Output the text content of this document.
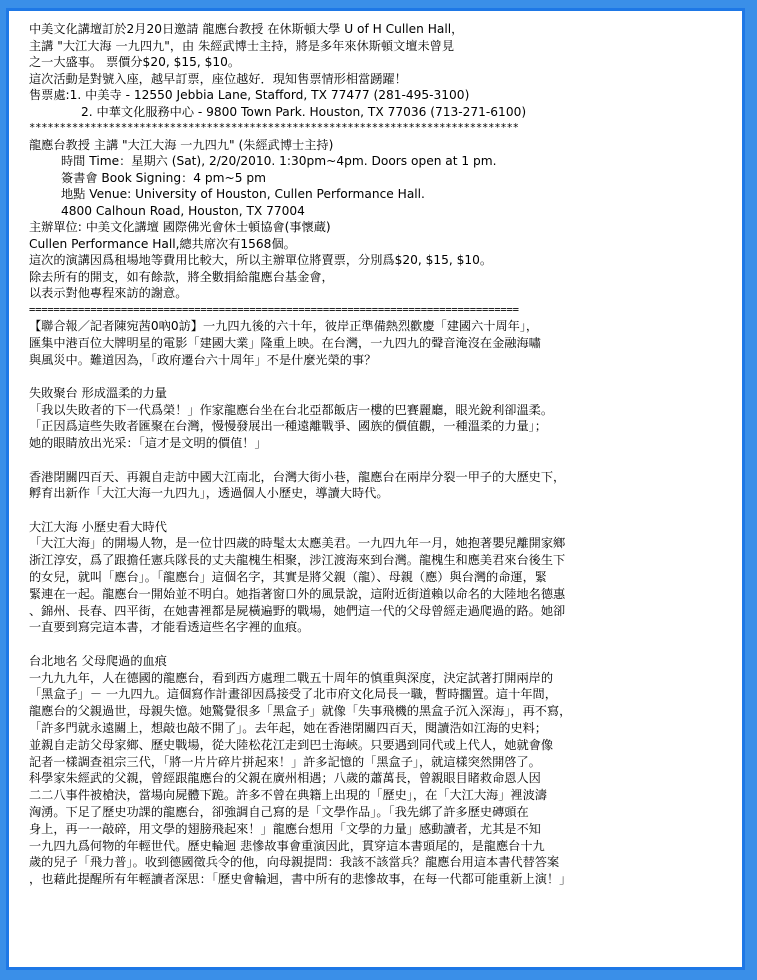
中美文化講壇訂於2月20日邀請 龍應台教授 在休斯頓大學 U of H Cullen Hall，
主講 "大江大海 一九四九"，由 朱經武博士主持，將是多年來休斯頓文壇未曾見
之一大盛事。 票價分$20, $15, $10。
這次活動是對號入座，越早訂票，座位越好．現知售票情形相當踴躍！
售票處:1. 中美寺 - 12550 Jebbia Lane, Stafford, TX 77477 (281-495-3100)
2. 中華文化服務中心 - 9800 Town Park. Houston, TX 77036 (713-271-6100)
********************************************************************************
龍應台教授 主講 "大江大海 一九四九" (朱經武博士主持)
時間 Time：星期六 (Sat), 2/20/2010. 1:30pm~4pm. Doors open at 1 pm.
簽書會 Book Signing：4 pm~5 pm
地點 Venue: University of Houston, Cullen Performance Hall.
4800 Calhoun Road, Houston, TX 77004
主辦單位: 中美文化講壇 國際佛光會休士頓協會(事懷蔵)
Cullen Performance Hall,總共席次有1568個。
這次的演講因爲租場地等費用比較大，所以主辦單位將賣票，分別爲$20, $15, $10。
除去所有的開支，如有餘款，將全數捐給龍應台基金會，
以表示對他專程來訪的謝意。
================================================================================
【聯合報／記者陳宛茜0吶0訪】一九四九後的六十年，彼岸正準備熱烈歡慶「建國六十周年」，
匯集中港百位大牌明星的電影「建國大業」隆重上映。在台灣，一九四九的聲音淹沒在金融海嘯
與風災中。難道因為，「政府遷台六十周年」不是什麼光榮的事？
失敗聚台 形成溫柔的力量
「我以失敗者的下一代爲榮！」作家龍應台坐在台北亞都飯店一樓的巴賽麗廳，眼光銳利卻溫柔。
「正因爲這些失敗者匯聚在台灣，慢慢發展出一種遠離戰爭、國族的價值觀，一種溫柔的力量」；
她的眼睛放出光采：「這才是文明的價值！」
香港閉關四百天、再親自走訪中國大江南北，台灣大街小巷，龍應台在兩岸分裂一甲子的大歷史下，
孵育出新作「大江大海一九四九」，透過個人小歷史，導讀大時代。
大江大海 小歷史看大時代
「大江大海」的開場人物，是一位廿四歲的時髦太太應美君。一九四九年一月，她抱著嬰兒離開家鄉
浙江淳安，爲了跟擔任憲兵隊長的丈夫龍槐生相聚，涉江渡海來到台灣。龍槐生和應美君來台後生下
的女兒，就叫「應台」。「龍應台」這個名字，其實是將父親（龍）、母親（應）與台灣的命運，緊
緊連在一起。龍應台一開始並不明白。她指著窗口外的風景說，這附近街道賴以命名的大陸地名德惠
、錦州、長春、四平街，在她書裡都是屍橫遍野的戰場，她們這一代的父母曾經走過爬過的路。她卻
一直要到寫完這本書，才能看透這些名字裡的血痕。
台北地名 父母爬過的血痕
一九九九年，人在德國的龍應台，看到西方處理二戰五十周年的慎重與深度，決定試著打開兩岸的
「黑盒子」－ 一九四九。這個寫作計畫卻因爲接受了北市府文化局長一職，暫時擱置。這十年間，
龍應台的父親過世，母親失憶。她驚覺很多「黑盒子」就像「失事飛機的黑盒子沉入深海」，再不寫，
「許多門就永遠關上，想敲也敲不開了」。去年起，她在香港閉關四百天，閱讀浩如江海的史料；
並親自走訪父母家鄉、歷史戰場，從大陸松花江走到巴士海峽。只要遇到同代或上代人，她就會像
記者一樣調查祖宗三代，「將一片片碎片拼起來！」許多記憶的「黑盒子」，就這樣突然開啓了。
科學家朱經武的父親，曾經跟龍應台的父親在廣州相遇；八歲的蕭萬長，曾親眼目睹救命恩人因
二二八事件被槍決，當場向屍體下跪。許多不曾在典籍上出現的「歷史」，在「大江大海」裡波濤
洶湧。下足了歷史功課的龍應台，卻強調自己寫的是「文學作品」。「我先綁了許多歷史磚頭在
身上，再一一敲碎，用文學的翅膀飛起來！」龍應台想用「文學的力量」感動讀者，尤其是不知
一九四九爲何物的年輕世代。歷史輪迴 悲慘故事會重演因此，貫穿這本書頭尾的，是龍應台十九
歲的兒子「飛力普」。收到德國徵兵令的他，向母親提問：我該不該當兵？龍應台用這本書代替答案
，也藉此提醒所有年輕讀者深思：「歷史會輪迴，書中所有的悲慘故事，在每一代都可能重新上演！」
